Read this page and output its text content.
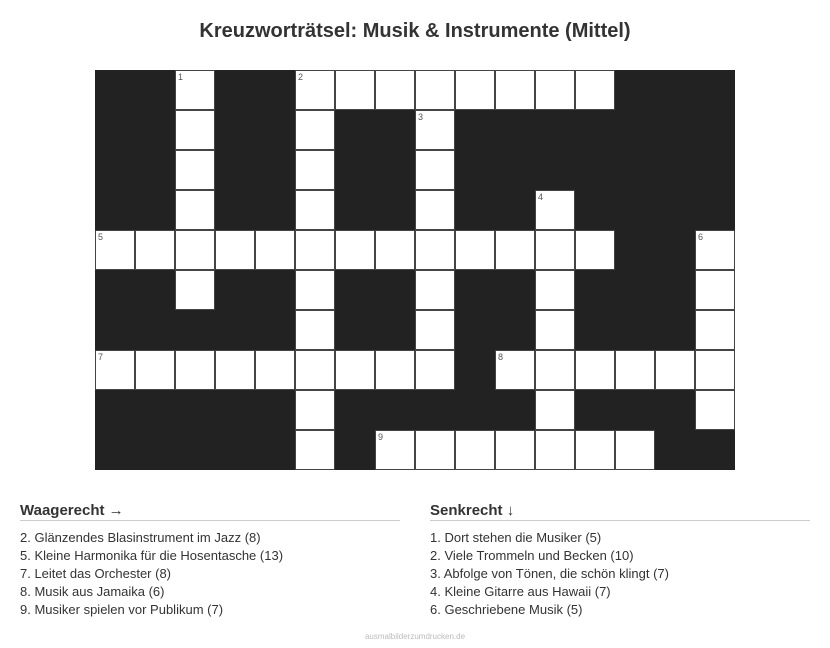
Kreuzworträtsel: Musik & Instrumente (Mittel)
1	2
3
4
5	6
7	8
9
Waagerecht →
2. Glänzendes Blasinstrument im Jazz (8)
5. Kleine Harmonika für die Hosentasche (13)
7. Leitet das Orchester (8)
8. Musik aus Jamaika (6)
9. Musiker spielen vor Publikum (7)
Senkrecht ↓
1. Dort stehen die Musiker (5)
2. Viele Trommeln und Becken (10)
3. Abfolge von Tönen, die schön klingt (7)
4. Kleine Gitarre aus Hawaii (7)
6. Geschriebene Musik (5)
ausmalbilderzumdrucken.de
